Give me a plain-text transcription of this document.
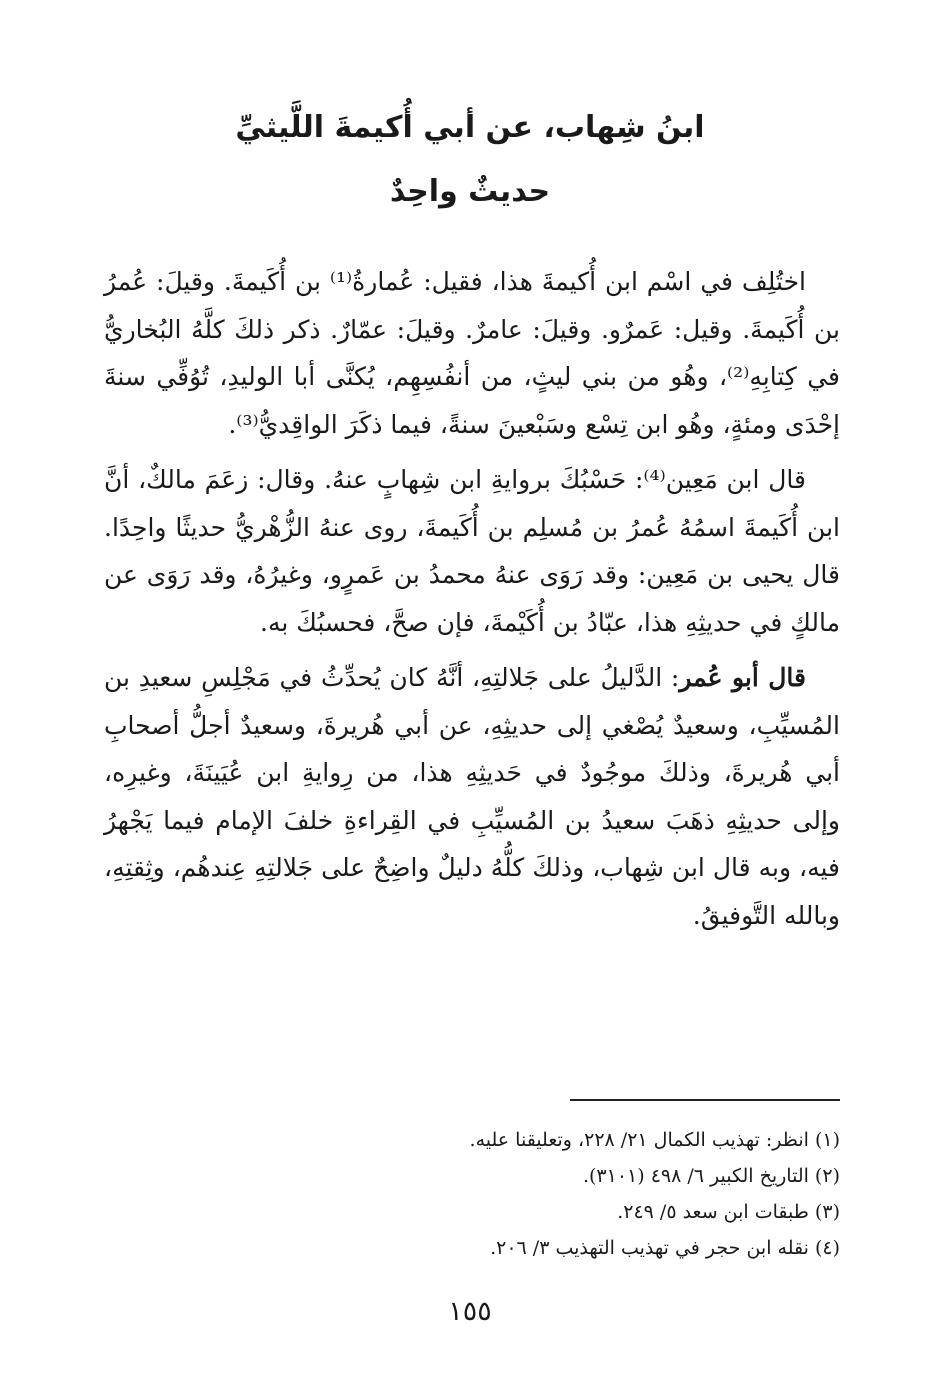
ابنُ شِهاب، عن أبي أُكيمةَ اللَّيثيِّ
حديثٌ واحِدٌ

اختُلِف في اسْم ابن أُكيمةَ هذا، فقيل: عُمارةُ⁽¹⁾ بن أُكَيمةَ. وقيلَ: عُمرُ بن أُكَيمةَ. وقيل: عَمرٌو. وقيلَ: عامرٌ. وقيلَ: عمّارٌ. ذكر ذلكَ كلَّهُ البُخاريُّ في كِتابِهِ⁽²⁾، وهُو من بني ليثٍ، من أنفُسِهِم، يُكنَّى أبا الوليدِ، تُوُفِّي سنةَ إحْدَى ومئةٍ، وهُو ابن تِسْع وسَبْعينَ سنةً، فيما ذكَرَ الواقِديُّ⁽³⁾.

قال ابن مَعِين⁽⁴⁾: حَسْبُكَ بروايةِ ابن شِهابٍ عنهُ. وقال: زعَمَ مالكٌ، أنَّ ابن أُكَيمةَ اسمُهُ عُمرُ بن مُسلِم بن أُكَيمةَ، روى عنهُ الزُّهْريُّ حديثًا واحِدًا. قال يحيى بن مَعِين: وقد رَوَى عنهُ محمدُ بن عَمرٍو، وغيرُهُ، وقد رَوَى عن مالكٍ في حديثِهِ هذا، عبّادُ بن أُكَيْمةَ، فإن صحَّ، فحسبُكَ به.

قال أبو عُمر: الدَّليلُ على جَلالتِهِ، أنَّهُ كان يُحدِّثُ في مَجْلِسِ سعيدِ بن المُسيِّبِ، وسعيدٌ يُصْغي إلى حديثِهِ، عن أبي هُريرةَ، وسعيدٌ أجلُّ أصحابِ أبي هُريرةَ، وذلكَ موجُودٌ في حَديثِهِ هذا، من رِوايةِ ابن عُيَينَةَ، وغيرِه، وإلى حديثِهِ ذهَبَ سعيدُ بن المُسيِّبِ في القِراءةِ خلفَ الإمام فيما يَجْهرُ فيه، وبه قال ابن شِهاب، وذلكَ كلُّهُ دليلٌ واضِحٌ على جَلالتِهِ عِندهُم، وثِقتِهِ، وبالله التَّوفيقُ.

(١) انظر: تهذيب الكمال ٢١/ ٢٢٨، وتعليقنا عليه.

(٢) التاريخ الكبير ٦/ ٤٩٨ (٣١٠١).

(٣) طبقات ابن سعد ٥/ ٢٤٩.

(٤) نقله ابن حجر في تهذيب التهذيب ٣/ ٢٠٦.

١٥٥
